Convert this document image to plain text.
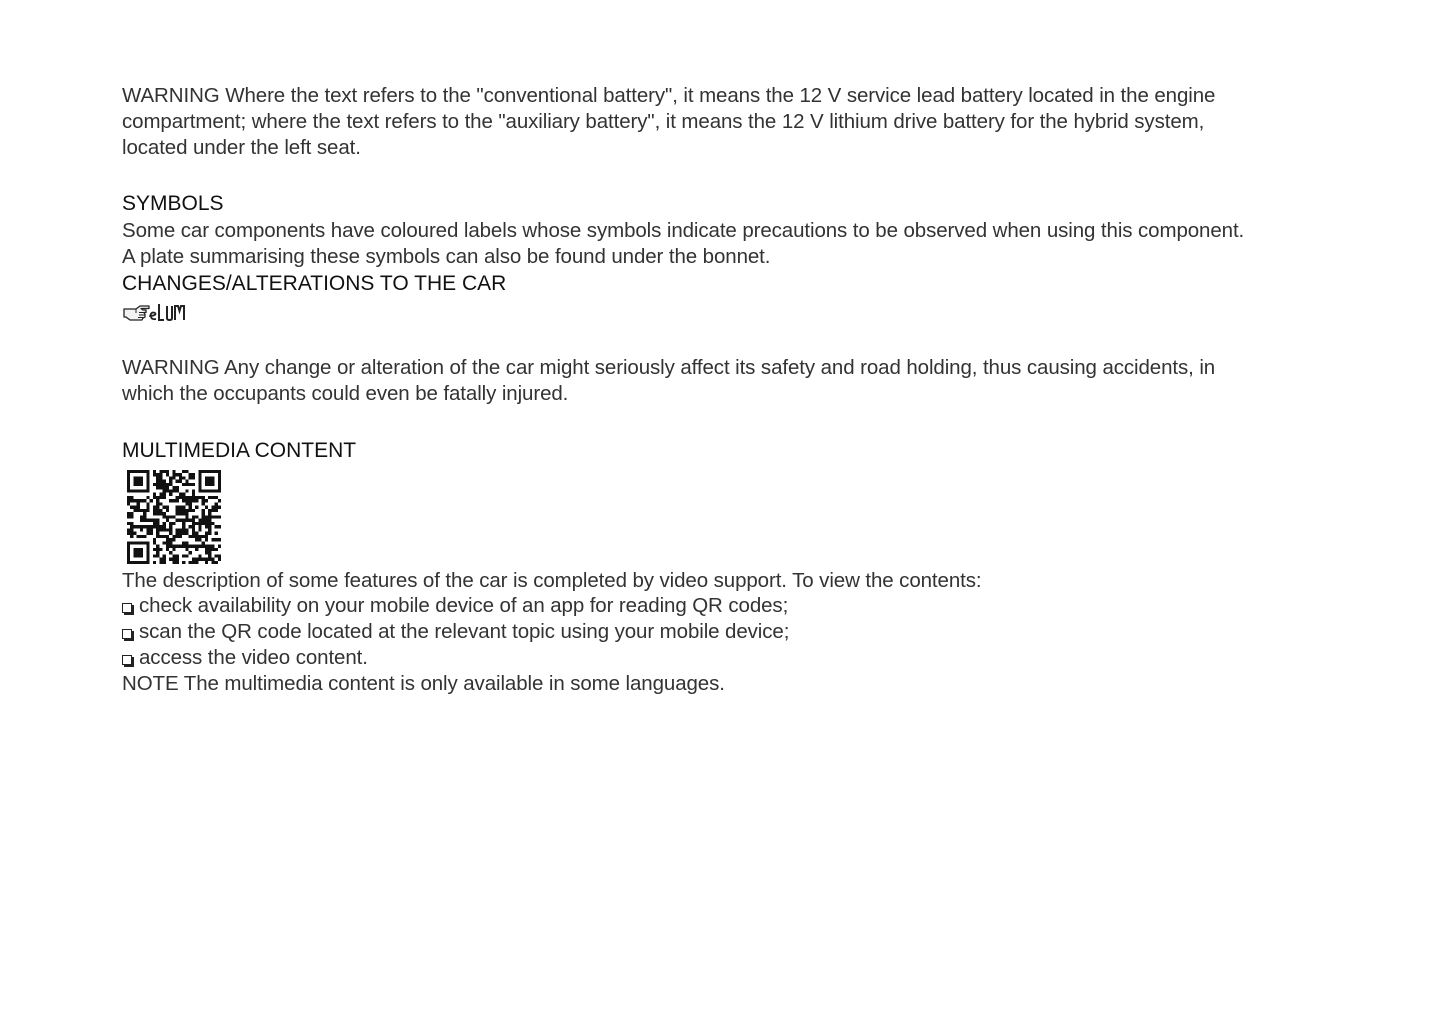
WARNING Where the text refers to the "conventional battery", it means the 12 V service lead battery located in the engine compartment; where the text refers to the "auxiliary battery", it means the 12 V lithium drive battery for the hybrid system, located under the left seat.

SYMBOLS

Some car components have coloured labels whose symbols indicate precautions to be observed when using this component.

A plate summarising these symbols can also be found under the bonnet.

CHANGES/ALTERATIONS TO THE CAR

WARNING Any change or alteration of the car might seriously affect its safety and road holding, thus causing accidents, in which the occupants could even be fatally injured.

MULTIMEDIA CONTENT

The description of some features of the car is completed by video support. To view the contents:

check availability on your mobile device of an app for reading QR codes;
scan the QR code located at the relevant topic using your mobile device;
access the video content.

NOTE The multimedia content is only available in some languages.
